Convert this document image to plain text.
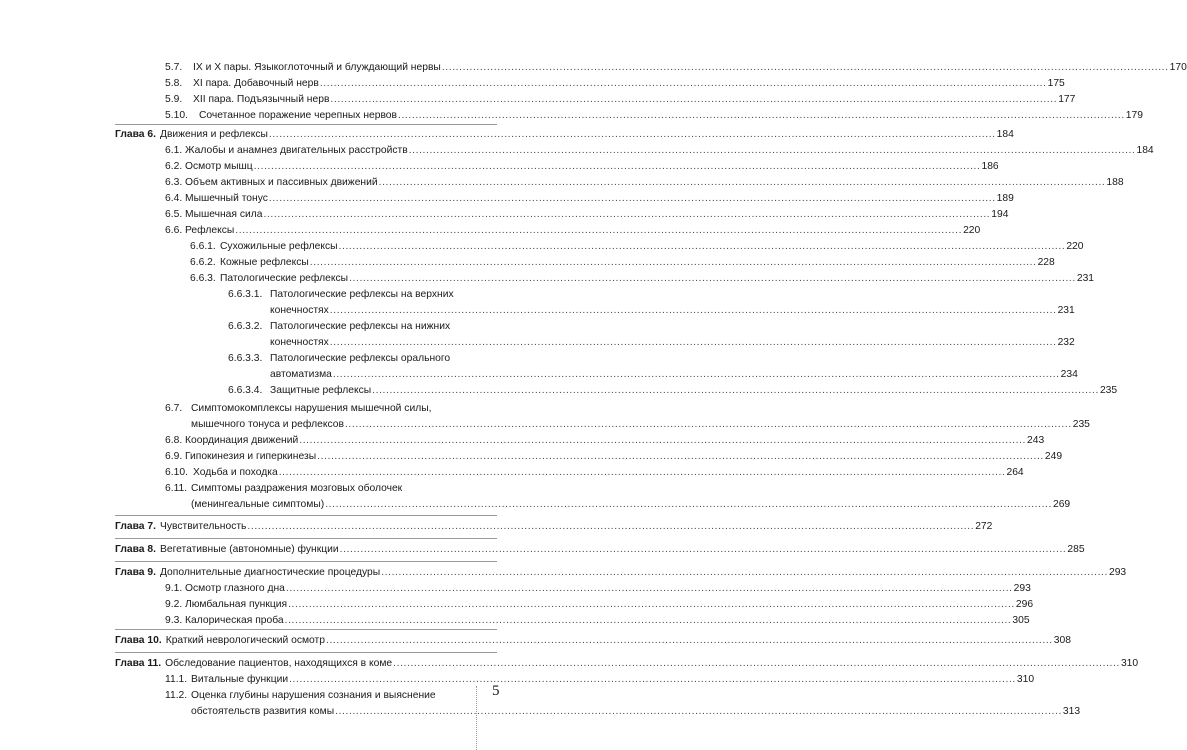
5.7.	IX и X пары. Языкоглоточный и блуждающий нервы .....	170
5.8.	XI пара. Добавочный нерв .....	175
5.9.	XII пара. Подъязычный нерв .....	177
5.10.	Сочетанное поражение черепных нервов .....	179
Глава 6. Движения и рефлексы .....	184
6.1. Жалобы и анамнез двигательных расстройств .....	184
6.2. Осмотр мышц .....	186
6.3. Объем активных и пассивных движений .....	188
6.4. Мышечный тонус .....	189
6.5. Мышечная сила .....	194
6.6. Рефлексы .....	220
6.6.1. Сухожильные рефлексы .....	220
6.6.2. Кожные рефлексы .....	228
6.6.3. Патологические рефлексы .....	231
6.6.3.1. Патологические рефлексы на верхних
конечностях .....	231
6.6.3.2. Патологические рефлексы на нижних
конечностях .....	232
6.6.3.3. Патологические рефлексы орального
автоматизма .....	234
6.6.3.4. Защитные рефлексы .....	235
6.7. Симптомокомплексы нарушения мышечной силы,
мышечного тонуса и рефлексов .....	235
6.8. Координация движений .....	243
6.9. Гипокинезия и гиперкинезы .....	249
6.10. Ходьба и походка .....	264
6.11. Симптомы раздражения мозговых оболочек
(менингеальные симптомы) .....	269
Глава 7. Чувствительность .....	272
Глава 8. Вегетативные (автономные) функции .....	285
Глава 9. Дополнительные диагностические процедуры .....	293
9.1. Осмотр глазного дна .....	293
9.2. Люмбальная пункция .....	296
9.3. Калорическая проба .....	305
Глава 10. Краткий неврологический осмотр .....	308
Глава 11. Обследование пациентов, находящихся в коме .....	310
11.1. Витальные функции .....	310
11.2. Оценка глубины нарушения сознания и выяснение
обстоятельств развития комы .....	313
5
